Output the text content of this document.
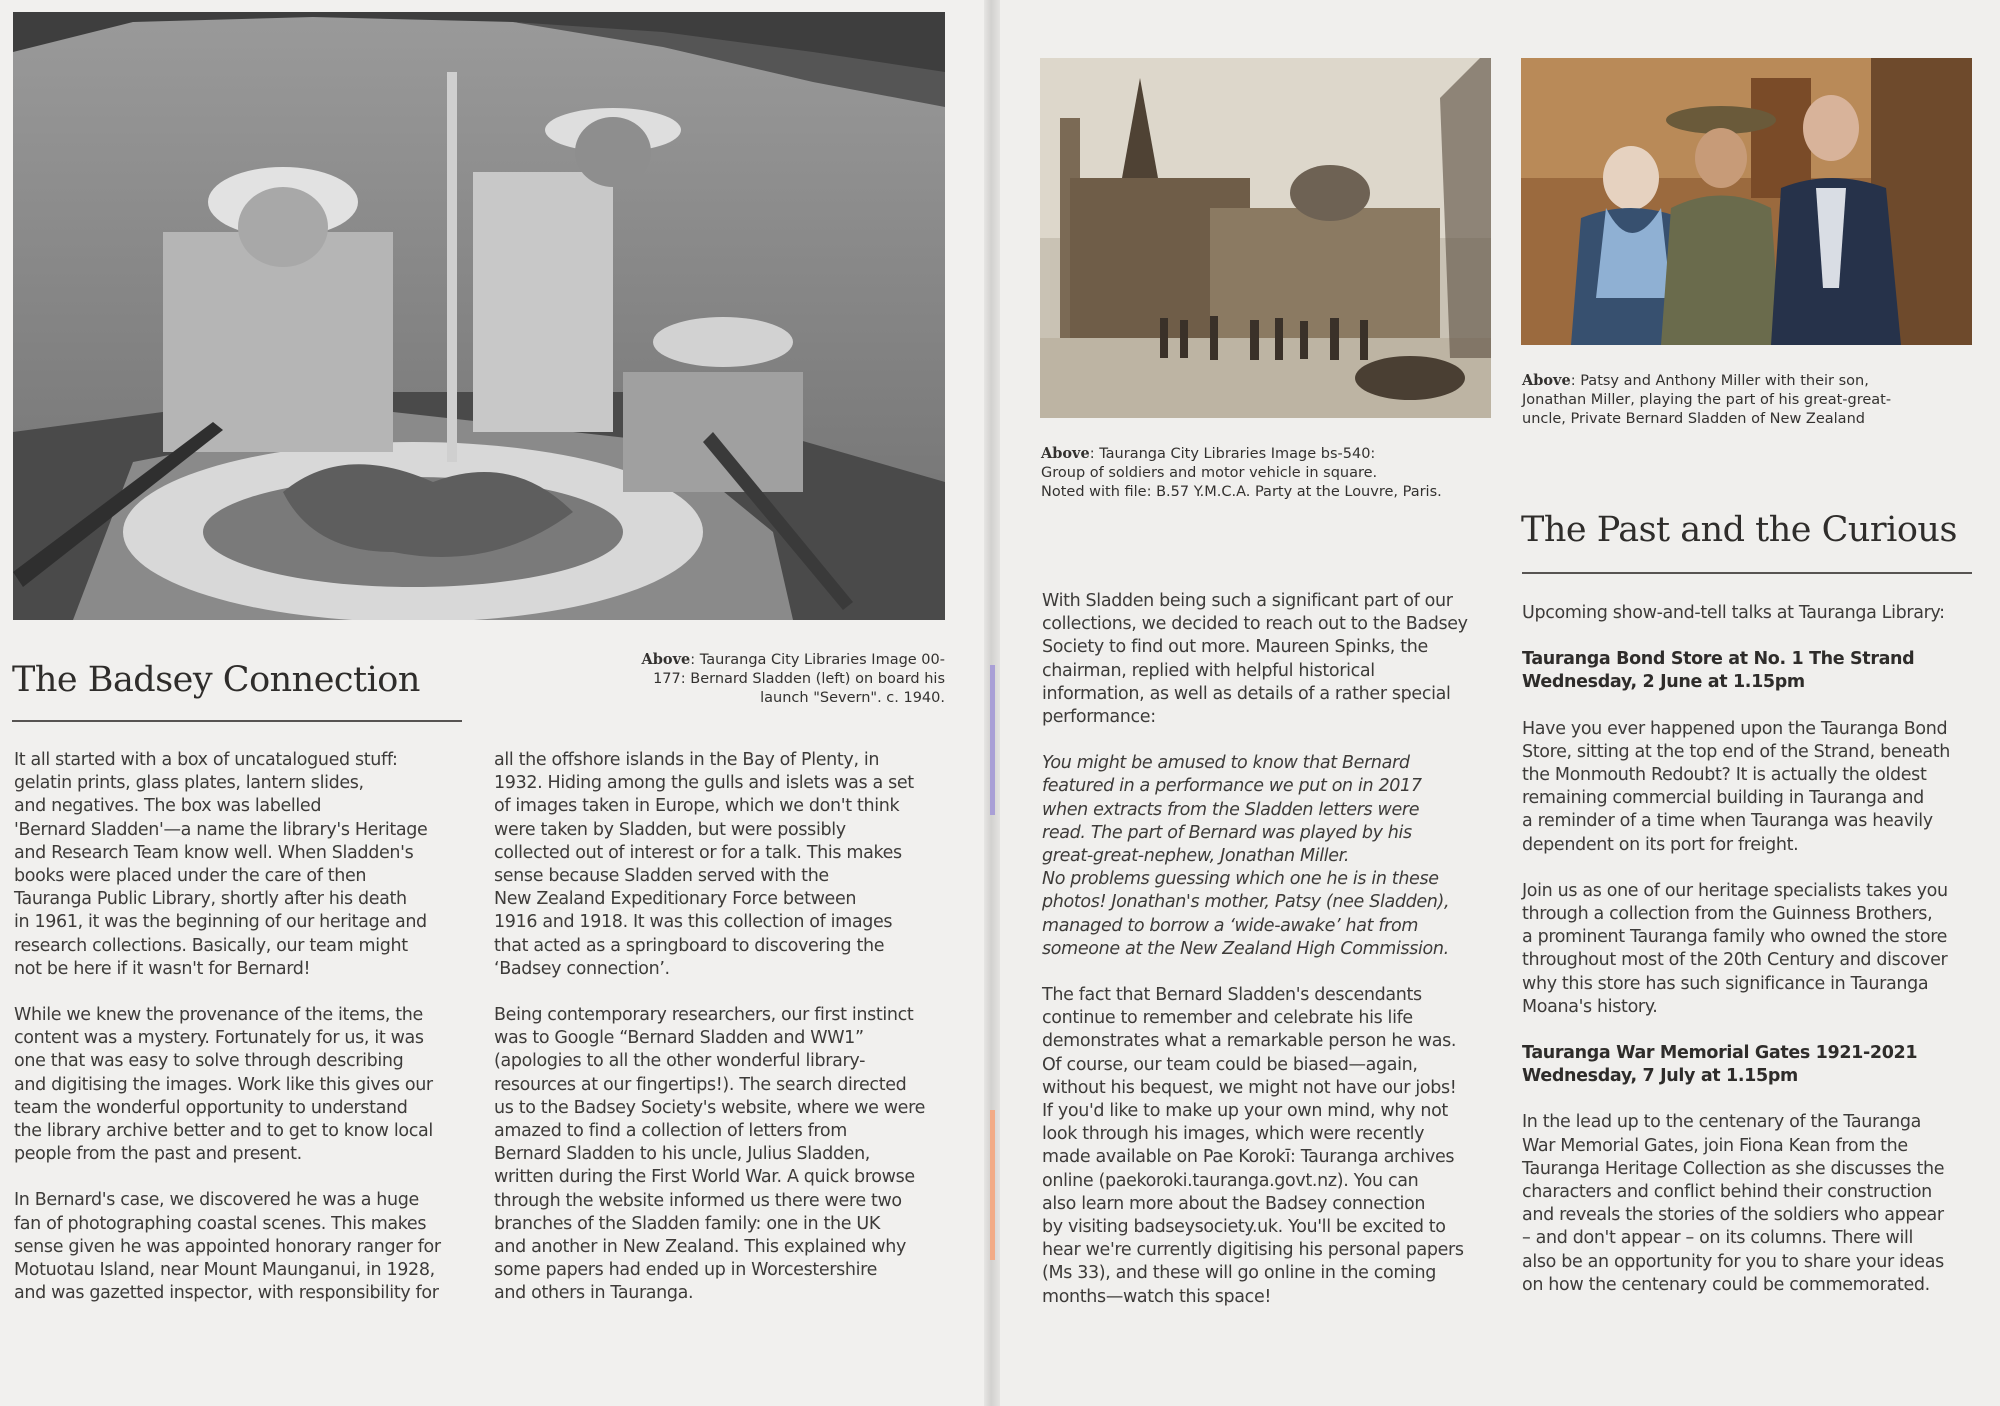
Above: Tauranga City Libraries Image 00-177: Bernard Sladden (left) on board his launch "Severn". c. 1940.
The Badsey Connection

It all started with a box of uncatalogued stuff:
gelatin prints, glass plates, lantern slides,
and negatives. The box was labelled
'Bernard Sladden'—a name the library's Heritage
and Research Team know well. When Sladden's
books were placed under the care of then
Tauranga Public Library, shortly after his death
in 1961, it was the beginning of our heritage and
research collections. Basically, our team might
not be here if it wasn't for Bernard!

While we knew the provenance of the items, the
content was a mystery. Fortunately for us, it was
one that was easy to solve through describing
and digitising the images. Work like this gives our
team the wonderful opportunity to understand
the library archive better and to get to know local
people from the past and present.

In Bernard's case, we discovered he was a huge
fan of photographing coastal scenes. This makes
sense given he was appointed honorary ranger for
Motuotau Island, near Mount Maunganui, in 1928,
and was gazetted inspector, with responsibility for

all the offshore islands in the Bay of Plenty, in
1932. Hiding among the gulls and islets was a set
of images taken in Europe, which we don't think
were taken by Sladden, but were possibly
collected out of interest or for a talk. This makes
sense because Sladden served with the
New Zealand Expeditionary Force between
1916 and 1918. It was this collection of images
that acted as a springboard to discovering the
‘Badsey connection’.

Being contemporary researchers, our first instinct
was to Google “Bernard Sladden and WW1”
(apologies to all the other wonderful library-
resources at our fingertips!). The search directed
us to the Badsey Society's website, where we were
amazed to find a collection of letters from
Bernard Sladden to his uncle, Julius Sladden,
written during the First World War. A quick browse
through the website informed us there were two
branches of the Sladden family: one in the UK
and another in New Zealand. This explained why
some papers had ended up in Worcestershire
and others in Tauranga.

Above: Tauranga City Libraries Image bs-540:
Group of soldiers and motor vehicle in square.
Noted with file: B.57 Y.M.C.A. Party at the Louvre, Paris.
Above: Patsy and Anthony Miller with their son,
Jonathan Miller, playing the part of his great-great-
uncle, Private Bernard Sladden of New Zealand

With Sladden being such a significant part of our
collections, we decided to reach out to the Badsey
Society to find out more. Maureen Spinks, the
chairman, replied with helpful historical
information, as well as details of a rather special
performance:

You might be amused to know that Bernard
featured in a performance we put on in 2017
when extracts from the Sladden letters were
read. The part of Bernard was played by his
great-great-nephew, Jonathan Miller.
No problems guessing which one he is in these
photos! Jonathan's mother, Patsy (nee Sladden),
managed to borrow a ‘wide-awake’ hat from
someone at the New Zealand High Commission.

The fact that Bernard Sladden's descendants
continue to remember and celebrate his life
demonstrates what a remarkable person he was.
Of course, our team could be biased—again,
without his bequest, we might not have our jobs!
If you'd like to make up your own mind, why not
look through his images, which were recently
made available on Pae Korokī: Tauranga archives
online (paekoroki.tauranga.govt.nz). You can
also learn more about the Badsey connection
by visiting badseysociety.uk. You'll be excited to
hear we're currently digitising his personal papers
(Ms 33), and these will go online in the coming
months—watch this space!

The Past and the Curious

Upcoming show-and-tell talks at Tauranga Library:

Tauranga Bond Store at No. 1 The Strand

Wednesday, 2 June at 1.15pm

Have you ever happened upon the Tauranga Bond
Store, sitting at the top end of the Strand, beneath
the Monmouth Redoubt? It is actually the oldest
remaining commercial building in Tauranga and
a reminder of a time when Tauranga was heavily
dependent on its port for freight.

Join us as one of our heritage specialists takes you
through a collection from the Guinness Brothers,
a prominent Tauranga family who owned the store
throughout most of the 20th Century and discover
why this store has such significance in Tauranga
Moana's history.

Tauranga War Memorial Gates 1921-2021

Wednesday, 7 July at 1.15pm

In the lead up to the centenary of the Tauranga
War Memorial Gates, join Fiona Kean from the
Tauranga Heritage Collection as she discusses the
characters and conflict behind their construction
and reveals the stories of the soldiers who appear
– and don't appear – on its columns. There will
also be an opportunity for you to share your ideas
on how the centenary could be commemorated.
